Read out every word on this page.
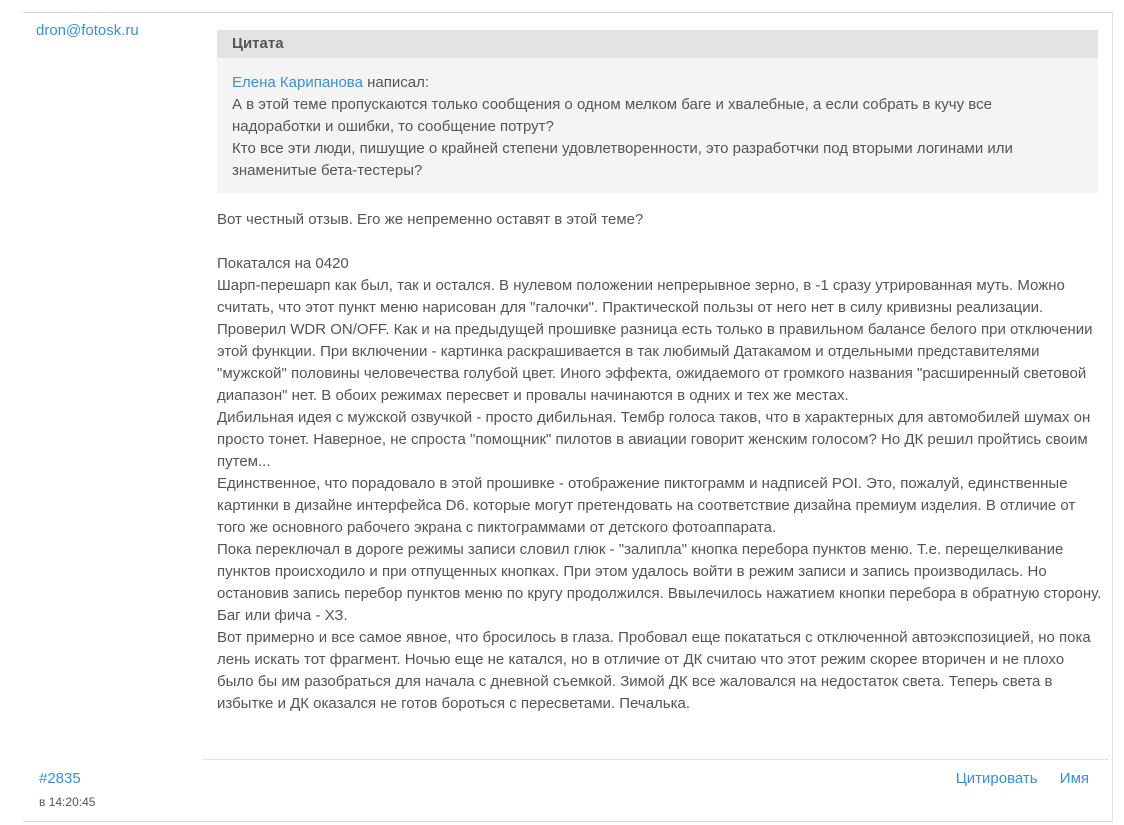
dron@fotosk.ru
Цитата
Елена Карипанова написал:
А в этой теме пропускаются только сообщения о одном мелком баге и хвалебные, а если собрать в кучу все надоработки и ошибки, то сообщение потрут?
Кто все эти люди, пишущие о крайней степени удовлетворенности, это разработчки под вторыми логинами или знаменитые бета-тестеры?

Вот честный отзыв. Его же непременно оставят в этой теме?

Покатался на 0420

Шарп-перешарп как был, так и остался. В нулевом положении непрерывное зерно, в -1 сразу утрированная муть. Можно считать, что этот пункт меню нарисован для "галочки". Практической пользы от него нет в силу кривизны реализации.

Проверил WDR ON/OFF. Как и на предыдущей прошивке разница есть только в правильном балансе белого при отключении этой функции. При включении - картинка раскрашивается в так любимый Датакамом и отдельными представителями "мужской" половины человечества голубой цвет. Иного эффекта, ожидаемого от громкого названия "расширенный световой диапазон" нет. В обоих режимах пересвет и провалы начинаются в одних и тех же местах.

Дибильная идея с мужской озвучкой - просто дибильная. Тембр голоса таков, что в характерных для автомобилей шумах он просто тонет. Наверное, не спроста "помощник" пилотов в авиации говорит женским голосом? Но ДК решил пройтись своим путем...

Единственное, что порадовало в этой прошивке - отображение пиктограмм и надписей POI. Это, пожалуй, единственные картинки в дизайне интерфейса D6. которые могут претендовать на соответствие дизайна премиум изделия. В отличие от того же основного рабочего экрана с пиктограммами от детского фотоаппарата.

Пока переключал в дороге режимы записи словил глюк - "залипла" кнопка перебора пунктов меню. Т.е. перещелкивание пунктов происходило и при отпущенных кнопках. При этом удалось войти в режим записи и запись производилась. Но остановив запись перебор пунктов меню по кругу продолжился. Ввылечилось нажатием кнопки перебора в обратную сторону. Баг или фича - ХЗ.

Вот примерно и все самое явное, что бросилось в глаза. Пробовал еще покататься с отключенной автоэкспозицией, но пока лень искать тот фрагмент. Ночью еще не катался, но в отличие от ДК считаю что этот режим скорее вторичен и не плохо было бы им разобраться для начала с дневной съемкой. Зимой ДК все жаловался на недостаток света. Теперь света в избытке и ДК оказался не готов бороться с пересветами. Печалька.

#2835
в 14:20:45
Цитировать Имя
